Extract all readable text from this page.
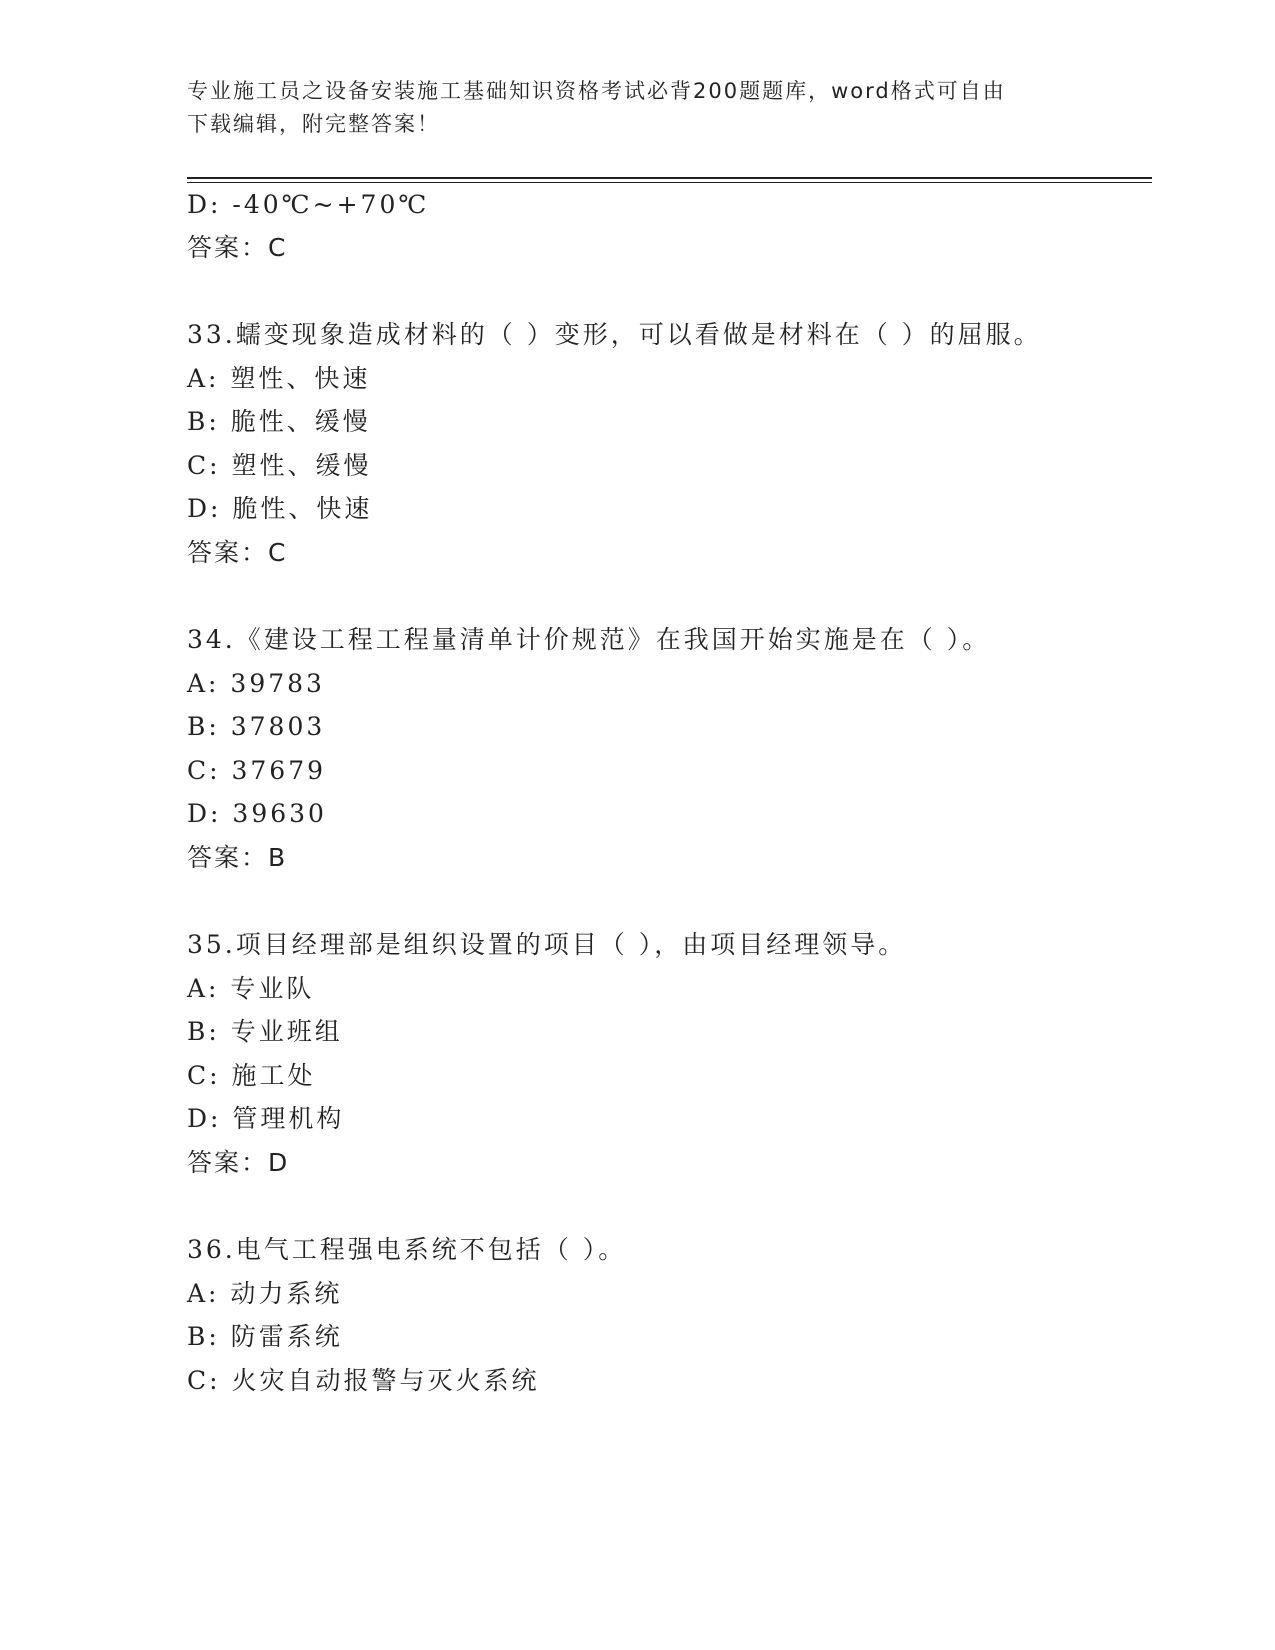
专业施工员之设备安装施工基础知识资格考试必背200题题库，word格式可自由
下载编辑，附完整答案！
D: -40℃~+70℃
答案：C
33.蠕变现象造成材料的（ ）变形，可以看做是材料在（ ）的屈服。
A: 塑性、快速
B: 脆性、缓慢
C: 塑性、缓慢
D: 脆性、快速
答案：C
34.《建设工程工程量清单计价规范》在我国开始实施是在（ ）。
A: 39783
B: 37803
C: 37679
D: 39630
答案：B
35.项目经理部是组织设置的项目（ ），由项目经理领导。
A: 专业队
B: 专业班组
C: 施工处
D: 管理机构
答案：D
36.电气工程强电系统不包括（ ）。
A: 动力系统
B: 防雷系统
C: 火灾自动报警与灭火系统
